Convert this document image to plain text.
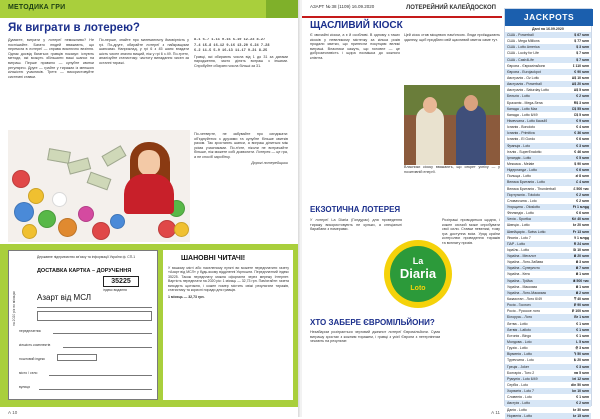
МЕТОДИКА ГРИ
Як виграти в лотерею?

Думаєте, виграти у лотереї неможливо? Не поспішайте. Багато людей вважають, що перемога в лотереї — справа виключно везіння. Однак досвід багатьох гравців показує: існують методи, які можуть збільшити ваші шанси на виграш. Перше правило — купуйте квитки регулярно. Друге — грайте у тиражах із меншою кількістю учасників. Третє — використовуйте системні ставки.

По-перше, знайте про математичну ймовірність у грі. По-друге, обирайте лотереї з найкращими шансами. Наприклад, у грі 6 з 45 шанс вгадати шість чисел значно вищий, ніж у грі 6 з 49. По-третє, аналізуйте статистику: частоту випадання чисел за останні тиражі.

8-1 6-7 1-11 0-15 5-19 12-23 8-27

7-4 15-8 16-12 9-16 13-20 6-24 7-28

6-2 11-5 5-9 16-13 11-17 9-21 8-25

Гравці, які обирають числа від 1 до 31 за датами народження, часто ділять виграш з іншими. Спробуйте обирати числа більші за 31.

По-четверте, не забувайте про синдикати: об'єднуйтеся з друзями та купуйте більше квитків разом. Так зростають шанси, а виграш ділиться між усіма учасниками. По-п'яте, ніколи не витрачайте більше, ніж можете собі дозволити. Лотерея — це гра, а не спосіб заробітку.

Дорогі лотерейщики

Державне підприємство зв'язку та інформації України ф. СП-1
ДОСТАВКА КАРТКА – ДОРУЧЕННЯ
35225
індекс видання
Азарт від МСЛ
на 2020 рік по місяцях
передплатник
кількість комплектів
поштовий індекс
місто / село
вулиця
ШАНОВНІ ЧИТАЧІ!

У вашому місті або населеному пункті ви можете передплатити газету «Азарт від МСЛ» у будь-якому відділенні Укрпошти. Передплатний індекс 35225. Також передплату можна оформити через мережу Інтернет. Вартість передплати на 2020 рік: 1 місяць — 32,73 грн. Пам'ятайте: газета виходить щотижня, і кожен номер містить свіжі результати тиражів, статистику та корисні поради для гравців.

1 місяць — 32,73 грн.

А 10
АЗАРТ № 38 (1109) 16.09.2020	ЛОТЕРЕЙНИЙ КАЛЕЙДОСКОП
ЩАСЛИВИЙ КІОСК

Є звичайні кіоски, а є й особливі. В одному з таких кіосків у невеликому містечку за кілька років продали квитки, що принесли покупцям великі виграші. Власники кажуть, що головне — це доброзичливість і щира посмішка до кожного клієнта.

Цей кіоск став місцевою пам'яткою. Люди приїжджають здалеку, щоб придбати свій щасливий квиток саме тут.

Власники кіоску вважають, що секрет успіху — у позитивній енергії.

ЕКЗОТИЧНА ЛОТЕРЕЯ

У лотереї La Diaria (Гондурас) для проведення тиражу використовують не кульки, а спеціальні барабани з номерами.

Розіграші проводяться щодня, і кожен охочий може спробувати свої сили. Ставки невеликі, тому гра доступна всім. Уряд країни контролює проведення тиражів та виплату призів.

La
Diaria
Loto
ХТО ЗАБЕРЕ ЄВРОМІЛЬЙОНИ?

Незабаром розіграється черговий джекпот лотереї Євромільйони. Сума виграшу зростає з кожним тиражем, і гравці з усієї Європи з нетерпінням чекають на результат.

А 11
JACKPOTS
Дані на 16.09.2020
США - Powerball	$ 67 млн
США - Mega Millions	$ 77 млн
США - Lotto America	$ 3 млн
США - Lucky for Life	$ 7 млн
США - Cash4Life	$ 7 млн
Європа - Євромільйони	€ 110 млн
Європа - Eurojackpot	€ 90 млн
Австралія - Oz Lotto	A$ 10 млн
Австралія - Powerball	A$ 20 млн
Австралія - Saturday Lotto	A$ 5 млн
Бельгія - Lotto	€ 2 млн
Бразилія - Mega-Sena	R$ 3 млн
Канада - Lotto Max	C$ 55 млн
Канада - Lotto 6/49	C$ 5 млн
Німеччина - Lotto 6aus49	€ 9 млн
Іспанія - Bonoloto	€ 4 млн
Іспанія - Primitiva	€ 36 млн
Іспанія - El Gordo	€ 6 млн
Франція - Loto	€ 3 млн
Італія - SuperEnalotto	€ 46 млн
Ірландія - Lotto	€ 5 млн
Мексика - Melate	$ 90 млн
Нідерланди - Lotto	€ 6 млн
Польща - Lotto	zł 8 млн
Велика Британія - Lotto	£ 4 млн
Велика Британія - Thunderball	£ 500 тис
Португалія - Totoloto	€ 2 млн
Словаччина - Loto	€ 2 млн
Угорщина - Otoslotto	Ft 1 млрд
Фінляндія - Lotto	€ 6 млн
Чехія - Sportka	Kč 40 млн
Швеція - Lotto	kr 20 млн
Швейцарія - Swiss Lotto	Fr 13 млн
Японія - Loto 7	¥ 1 млрд
ПАР - Lotto	R 24 млн
Ізраїль - Lotto	₪ 10 млн
Україна - Мегалот	₴ 20 млн
Україна - Лото-Забава	₴ 3 млн
Україна - Суперлото	₴ 7 млн
Україна - Кено	₴ 1 млн
Україна - Трійка	₴ 500 тис
Україна - Максима	₴ 1 млн
Україна - Лото-Максима	₴ 2 млн
Казахстан - Лото 6/49	₸ 40 млн
Росія - Гослото	₽ 90 млн
Росія - Русское лото	₽ 100 млн
Білорусь - Лото	Br 1 млн
Литва - Lotto	€ 1 млн
Латвія - Latloto	€ 1 млн
Естонія - Bingo	€ 1 млн
Молдова - Loto	L 5 млн
Грузія - Lotto	₾ 3 млн
Вірменія - Lotto	֏ 50 млн
Туреччина - Loto	₺ 20 млн
Греція - Joker	€ 3 млн
Болгарія - Тото 2	лв 5 млн
Румунія - Loto 6/49	lei 12 млн
Сербія - Loto	din 50 млн
Хорватія - Loto 7	kn 10 млн
Словенія - Loto	€ 1 млн
Австрія - Lotto	€ 2 млн
Данія - Lotto	kr 30 млн
Норвегія - Lotto	kr 15 млн
